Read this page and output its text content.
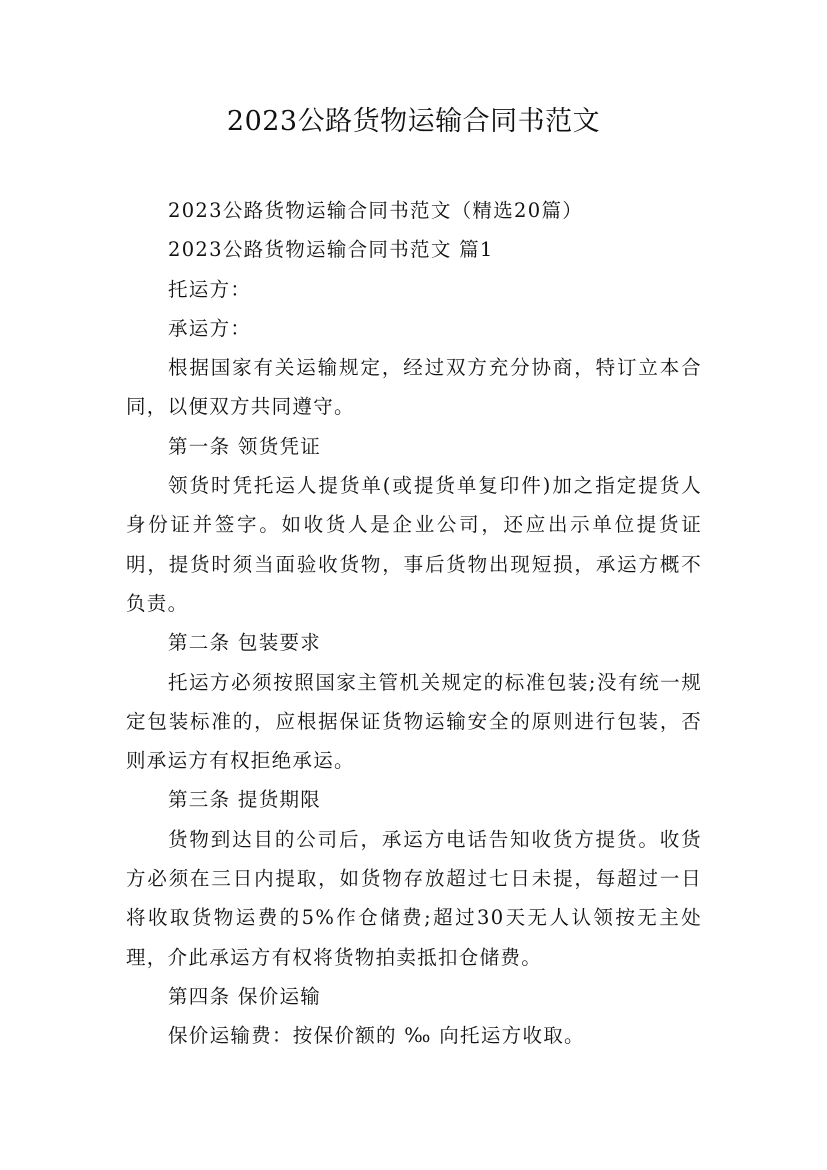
2023公路货物运输合同书范文

2023公路货物运输合同书范文（精选20篇）

2023公路货物运输合同书范文 篇1

托运方：

承运方：

根据国家有关运输规定，经过双方充分协商，特订立本合同，以便双方共同遵守。

第一条 领货凭证

领货时凭托运人提货单(或提货单复印件)加之指定提货人身份证并签字。如收货人是企业公司，还应出示单位提货证明，提货时须当面验收货物，事后货物出现短损，承运方概不负责。

第二条 包装要求

托运方必须按照国家主管机关规定的标准包装;没有统一规定包装标准的，应根据保证货物运输安全的原则进行包装，否则承运方有权拒绝承运。

第三条 提货期限

货物到达目的公司后，承运方电话告知收货方提货。收货方必须在三日内提取，如货物存放超过七日未提，每超过一日将收取货物运费的5%作仓储费;超过30天无人认领按无主处理，介此承运方有权将货物拍卖抵扣仓储费。

第四条 保价运输

保价运输费：按保价额的 ‰ 向托运方收取。
